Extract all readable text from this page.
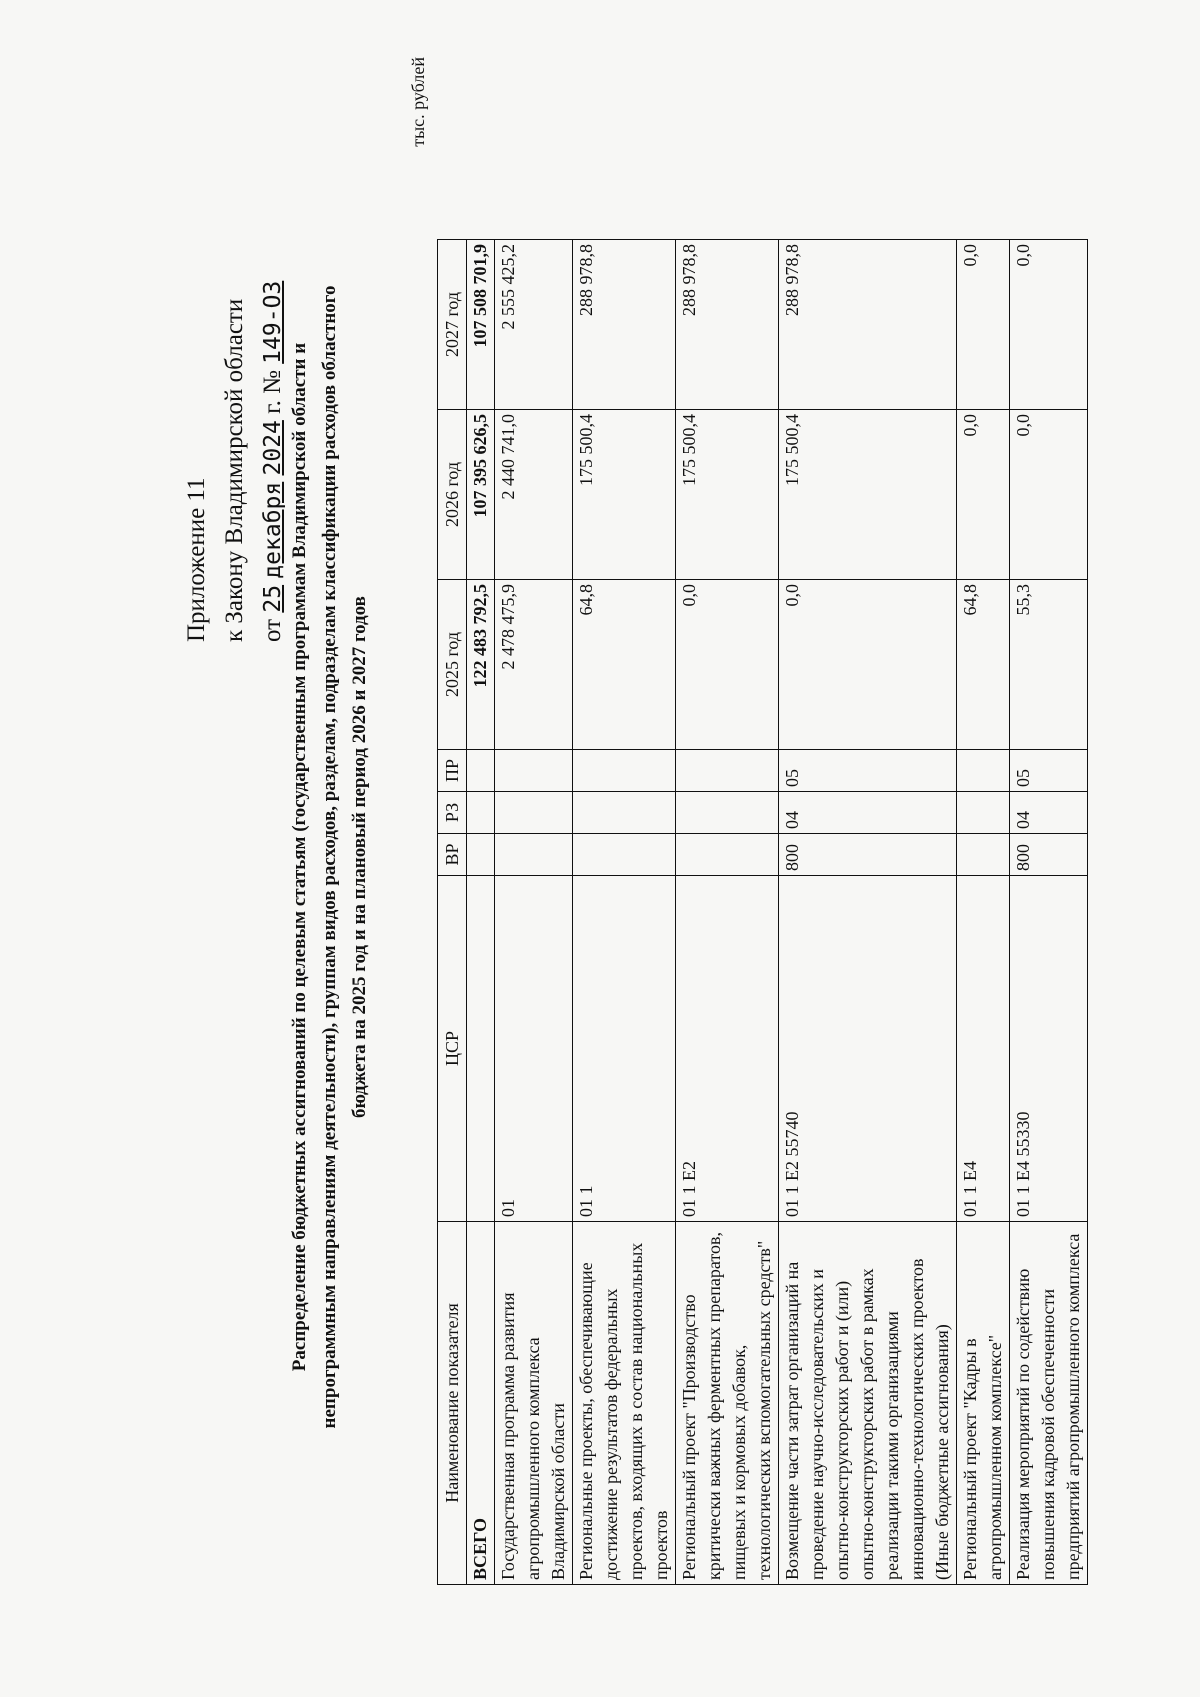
Приложение 11 к Закону Владимирской области от 25 декабря 2024 г. № 149-ОЗ
Распределение бюджетных ассигнований по целевым статьям (государственным программам Владимирской области и непрограммным направлениям деятельности), группам видов расходов, разделам, подразделам классификации расходов областного бюджета на 2025 год и на плановый период 2026 и 2027 годов
тыс. рублей
Наименование показателя	ЦСР	ВР	РЗ	ПР	2025 год	2026 год	2027 год
ВСЕГО					122 483 792,5	107 395 626,5	107 508 701,9
Государственная программа развития агропромышленного комплекса Владимирской области	01				2 478 475,9	2 440 741,0	2 555 425,2
Региональные проекты, обеспечивающие достижение результатов федеральных проектов, входящих в состав национальных проектов	01 1				64,8	175 500,4	288 978,8
Региональный проект "Производство критически важных ферментных препаратов, пищевых и кормовых добавок, технологических вспомогательных средств"	01 1 E2				0,0	175 500,4	288 978,8
Возмещение части затрат организаций на проведение научно-исследовательских и опытно-конструкторских работ и (или) опытно-конструкторских работ в рамках реализации такими организациями инновационно-технологических проектов (Иные бюджетные ассигнования)	01 1 E2 55740	800	04	05	0,0	175 500,4	288 978,8
Региональный проект "Кадры в агропромышленном комплексе"	01 1 E4				64,8	0,0	0,0
Реализация мероприятий по содействию повышения кадровой обеспеченности предприятий агропромышленного комплекса	01 1 E4 55330	800	04	05	55,3	0,0	0,0
